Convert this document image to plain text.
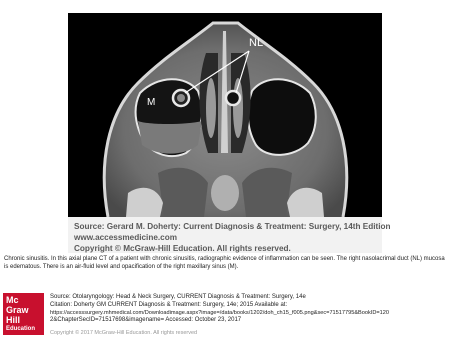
NL
M
Source: Gerard M. Doherty: Current Diagnosis & Treatment: Surgery, 14th Edition
www.accessmedicine.com
Copyright © McGraw-Hill Education. All rights reserved.
Chronic sinusitis. In this axial plane CT of a patient with chronic sinusitis, radiographic evidence of inflammation can be seen. The right nasolacrimal duct (NL) mucosa is edematous. There is an air-fluid level and opacification of the right maxillary sinus (M).
Mc
Graw
Hill
Education
Source: Otolaryngology: Head & Neck Surgery, CURRENT Diagnosis & Treatment: Surgery, 14e
Citation: Doherty GM CURRENT Diagnosis & Treatment: Surgery, 14e; 2015 Available at:
https://accesssurgery.mhmedical.com/Downloadimage.aspx?image=/data/books/1202/doh_ch15_f005.png&sec=71517795&BookID=120
2&ChapterSecID=71517698&imagename= Accessed: October 23, 2017
Copyright © 2017 McGraw-Hill Education. All rights reserved
